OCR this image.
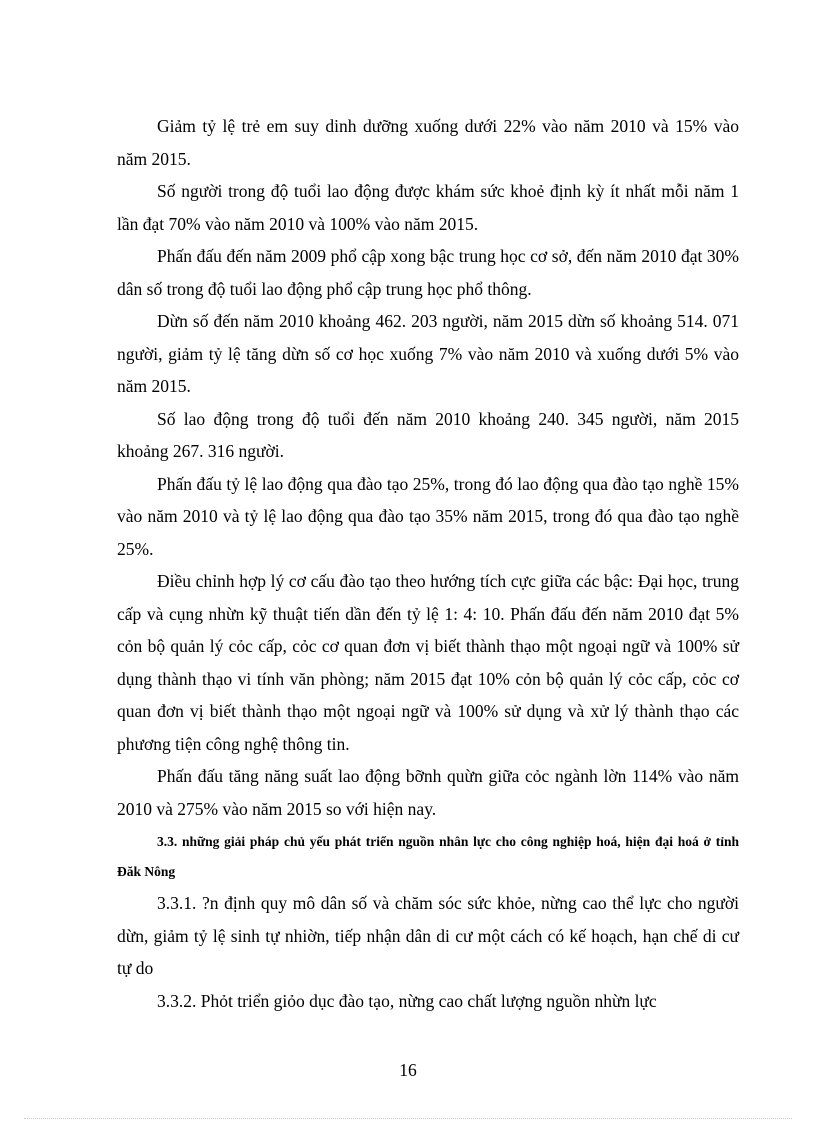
Giảm tỷ lệ trẻ em suy dinh dưỡng xuống dưới 22% vào năm 2010 và 15% vào năm 2015.

Số người trong độ tuổi lao động được khám sức khoẻ định kỳ ít nhất mỗi năm 1 lần đạt 70% vào năm 2010 và 100% vào năm 2015.

Phấn đấu đến năm 2009 phổ cập xong bậc trung học cơ sở, đến năm 2010 đạt 30% dân số trong độ tuổi lao động phổ cập trung học phổ thông.

Dừn số đến năm 2010 khoảng 462. 203 người, năm 2015 dừn số khoảng 514. 071 người, giảm tỷ lệ tăng dừn số cơ học xuống 7% vào năm 2010 và xuống dưới 5% vào năm 2015.

Số lao động trong độ tuổi đến năm 2010 khoảng 240. 345 người, năm 2015 khoảng 267. 316 người.

Phấn đấu tỷ lệ lao động qua đào tạo 25%, trong đó lao động qua đào tạo nghề 15% vào năm 2010 và tỷ lệ lao động qua đào tạo 35% năm 2015, trong đó qua đào tạo nghề 25%.

Điều chỉnh hợp lý cơ cấu đào tạo theo hướng tích cực giữa các bậc: Đại học, trung cấp và cụng nhừn kỹ thuật tiến dần đến tỷ lệ 1: 4: 10. Phấn đấu đến năm 2010 đạt 5% cỏn bộ quản lý cỏc cấp, cỏc cơ quan đơn vị biết thành thạo một ngoại ngữ và 100% sử dụng thành thạo vi tính văn phòng; năm 2015 đạt 10% cỏn bộ quản lý cỏc cấp, cỏc cơ quan đơn vị biết thành thạo một ngoại ngữ và 100% sử dụng và xử lý thành thạo các phương tiện công nghệ thông tin.

Phấn đấu tăng năng suất lao động bỡnh quừn giữa cỏc ngành lờn 114% vào năm 2010 và 275% vào năm 2015 so với hiện nay.

3.3. những giải pháp chủ yếu phát triển nguồn nhân lực cho công nghiệp hoá, hiện đại hoá ở tỉnh Đăk Nông

3.3.1. ?n định quy mô dân số và chăm sóc sức khỏe, nừng cao thể lực cho người dừn, giảm tỷ lệ sinh tự nhiờn, tiếp nhận dân di cư một cách có kế hoạch, hạn chế di cư tự do

3.3.2. Phỏt triển giỏo dục đào tạo, nừng cao chất lượng nguồn nhừn lực

16
